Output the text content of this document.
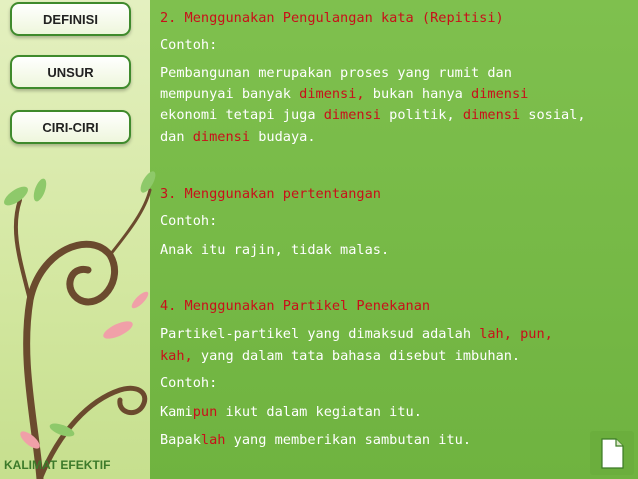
DEFINISI
UNSUR
CIRI-CIRI
2. Menggunakan Pengulangan kata (Repitisi)
Contoh:
Pembangunan merupakan proses yang rumit dan
mempunyai banyak dimensi, bukan hanya dimensi
ekonomi tetapi juga dimensi politik, dimensi sosial,
dan dimensi budaya.
3. Menggunakan pertentangan
Contoh:
Anak itu rajin, tidak malas.
4. Menggunakan Partikel Penekanan
Partikel-partikel yang dimaksud adalah lah, pun,
kah, yang dalam tata bahasa disebut imbuhan.
Contoh:
Kamipun ikut dalam kegiatan itu.
Bapaklah yang memberikan sambutan itu.
KALIMAT EFEKTIF
